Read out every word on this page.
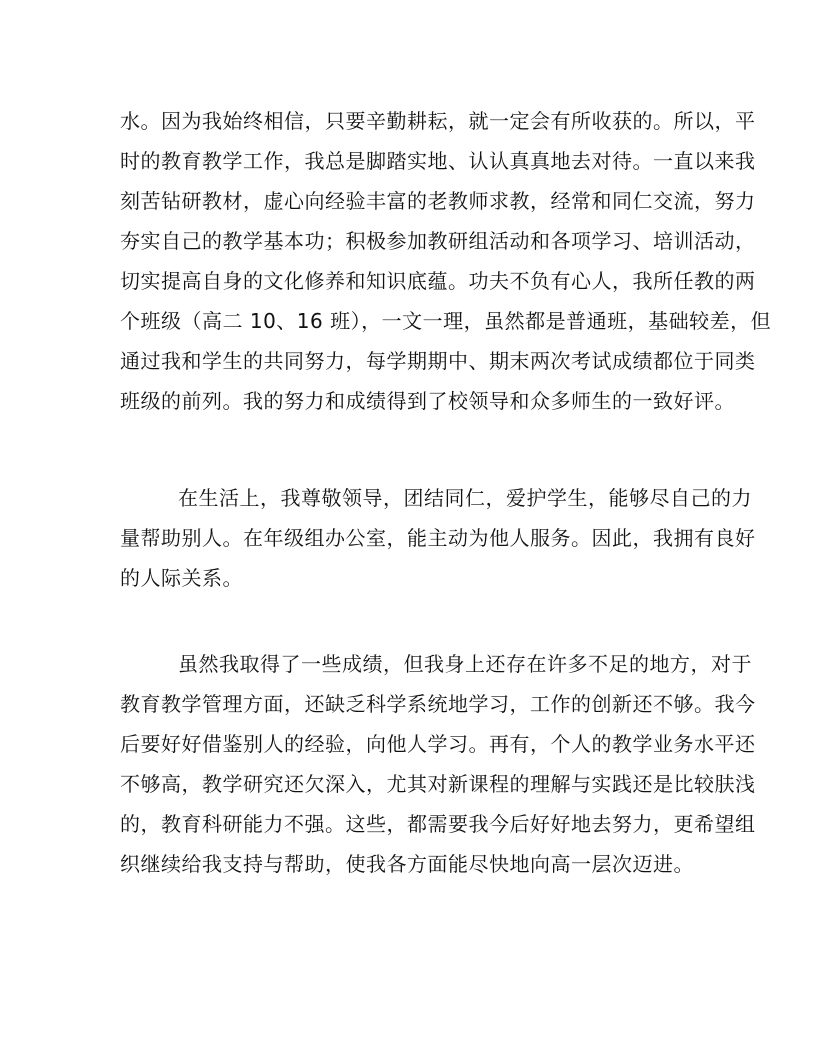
水。因为我始终相信，只要辛勤耕耘，就一定会有所收获的。所以，平
时的教育教学工作，我总是脚踏实地、认认真真地去对待。一直以来我
刻苦钻研教材，虚心向经验丰富的老教师求教，经常和同仁交流，努力
夯实自己的教学基本功；积极参加教研组活动和各项学习、培训活动，
切实提高自身的文化修养和知识底蕴。功夫不负有心人，我所任教的两
个班级（高二 10、16 班），一文一理，虽然都是普通班，基础较差，但
通过我和学生的共同努力，每学期期中、期末两次考试成绩都位于同类
班级的前列。我的努力和成绩得到了校领导和众多师生的一致好评。
在生活上，我尊敬领导，团结同仁，爱护学生，能够尽自己的力
量帮助别人。在年级组办公室，能主动为他人服务。因此，我拥有良好
的人际关系。
虽然我取得了一些成绩，但我身上还存在许多不足的地方，对于
教育教学管理方面，还缺乏科学系统地学习，工作的创新还不够。我今
后要好好借鉴别人的经验，向他人学习。再有，个人的教学业务水平还
不够高，教学研究还欠深入，尤其对新课程的理解与实践还是比较肤浅
的，教育科研能力不强。这些，都需要我今后好好地去努力，更希望组
织继续给我支持与帮助，使我各方面能尽快地向高一层次迈进。
